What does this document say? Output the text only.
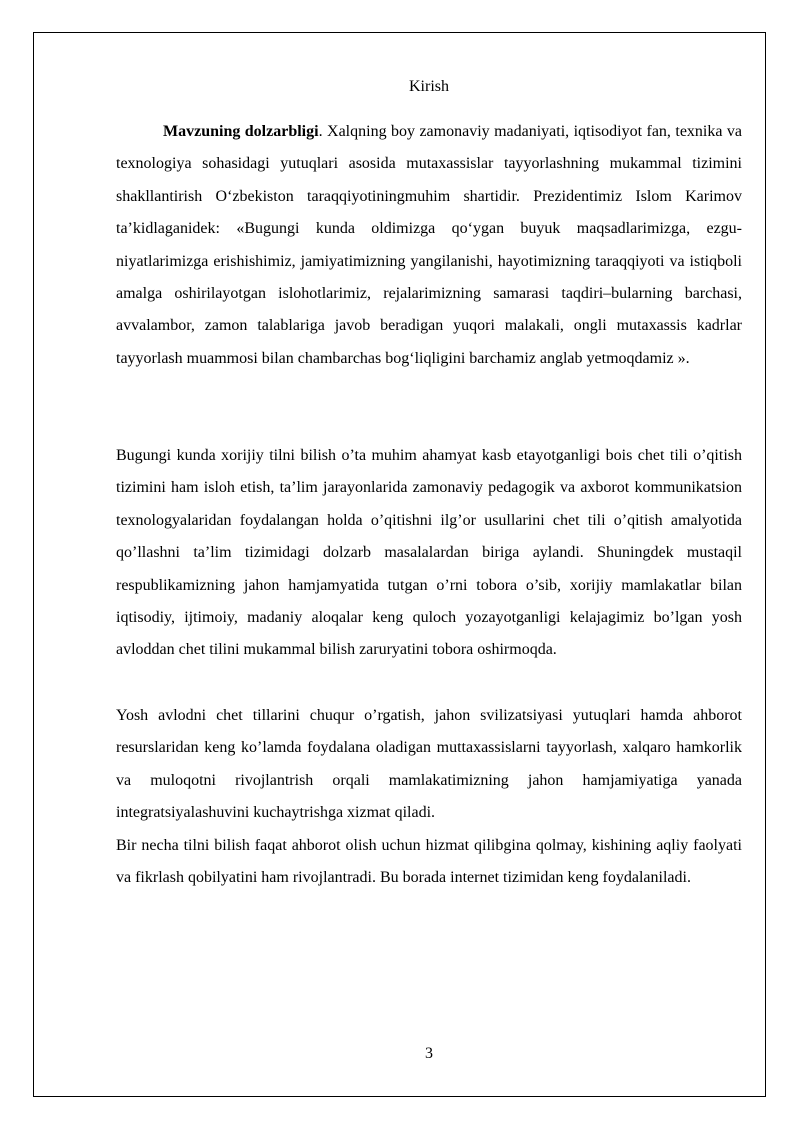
Kirish

Mavzuning dolzarbligi. Xalqning boy zamonaviy madaniyati, iqtisodiyot fan, texnika va texnologiya sohasidagi yutuqlari asosida mutaxassislar tayyorlashning mukammal tizimini shakllantirish O‘zbekiston taraqqiyotiningmuhim shartidir. Prezidentimiz Islom Karimov ta’kidlaganidek: «Bugungi kunda oldimizga qo‘ygan buyuk maqsadlarimizga, ezgu-niyatlarimizga erishishimiz, jamiyatimizning yangilanishi, hayotimizning taraqqiyoti va istiqboli amalga oshirilayotgan islohotlarimiz, rejalarimizning samarasi taqdiri–bularning barchasi, avvalambor, zamon talablariga javob beradigan yuqori malakali, ongli mutaxassis kadrlar tayyorlash muammosi bilan chambarchas bog‘liqligini barchamiz anglab yetmoqdamiz ».

Bugungi kunda xorijiy tilni bilish o’ta muhim ahamyat kasb etayotganligi bois chet tili o’qitish tizimini ham isloh etish, ta’lim jarayonlarida zamonaviy pedagogik va axborot kommunikatsion texnologyalaridan foydalangan holda o’qitishni ilg’or usullarini chet tili o’qitish amalyotida qo’llashni ta’lim tizimidagi dolzarb masalalardan biriga aylandi. Shuningdek mustaqil respublikamizning jahon hamjamyatida tutgan o’rni tobora o’sib, xorijiy mamlakatlar bilan iqtisodiy, ijtimoiy, madaniy aloqalar keng quloch yozayotganligi kelajagimiz bo’lgan yosh avloddan chet tilini mukammal bilish zaruryatini tobora oshirmoqda.

Yosh avlodni chet tillarini chuqur o’rgatish, jahon svilizatsiyasi yutuqlari hamda ahborot resurslaridan keng ko’lamda foydalana oladigan muttaxassislarni tayyorlash, xalqaro hamkorlik va muloqotni rivojlantrish orqali mamlakatimizning jahon hamjamiyatiga yanada integratsiyalashuvini kuchaytrishga xizmat qiladi.

Bir necha tilni bilish faqat ahborot olish uchun hizmat qilibgina qolmay, kishining aqliy faolyati va fikrlash qobilyatini ham rivojlantradi. Bu borada internet tizimidan keng foydalaniladi.

3
